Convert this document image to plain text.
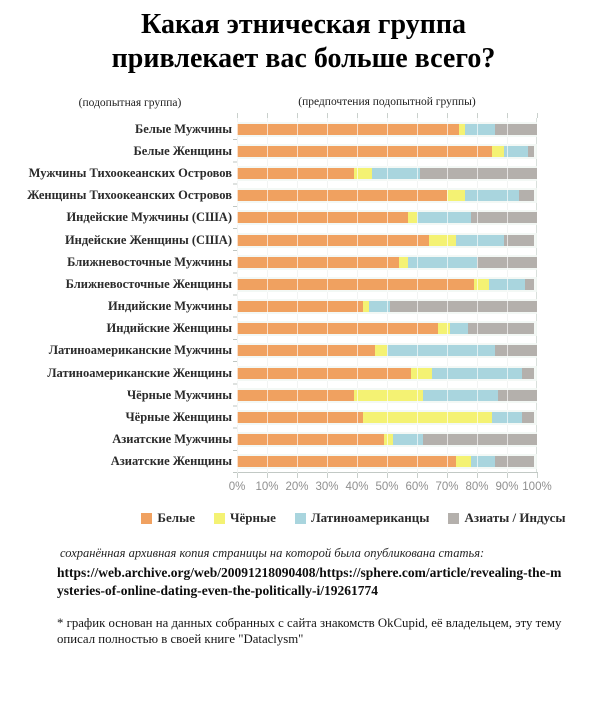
Какая этническая группа
привлекает вас больше всего?
(подопытная группа)	(предпочтения подопытной группы)
Белые Мужчины
Белые Женщины
Мужчины Тихоокеанских Островов
Женщины Тихоокеанских Островов
Индейские Мужчины (США)
Индейские Женщины (США)
Ближневосточные Мужчины
Ближневосточные Женщины
Индийские Мужчины
Индийские Женщины
Латиноамериканские Мужчины
Латиноамериканские Женщины
Чёрные Мужчины
Чёрные Женщины
Азиатские Мужчины
Азиатские Женщины
0% 10% 20% 30% 40% 50% 60% 70% 80% 90% 100%
Белые	Чёрные	Латиноамериканцы	Азиаты / Индусы
сохранённая архивная копия страницы на которой была опубликована статья:
https://web.archive.org/web/20091218090408/https://sphere.com/article/revealing-the-mysteries-of-online-dating-even-the-politically-i/19261774
* график основан на данных собранных с сайта знакомств OkCupid, её владельцем, эту тему описал полностью в своей книге "Dataclysm"
